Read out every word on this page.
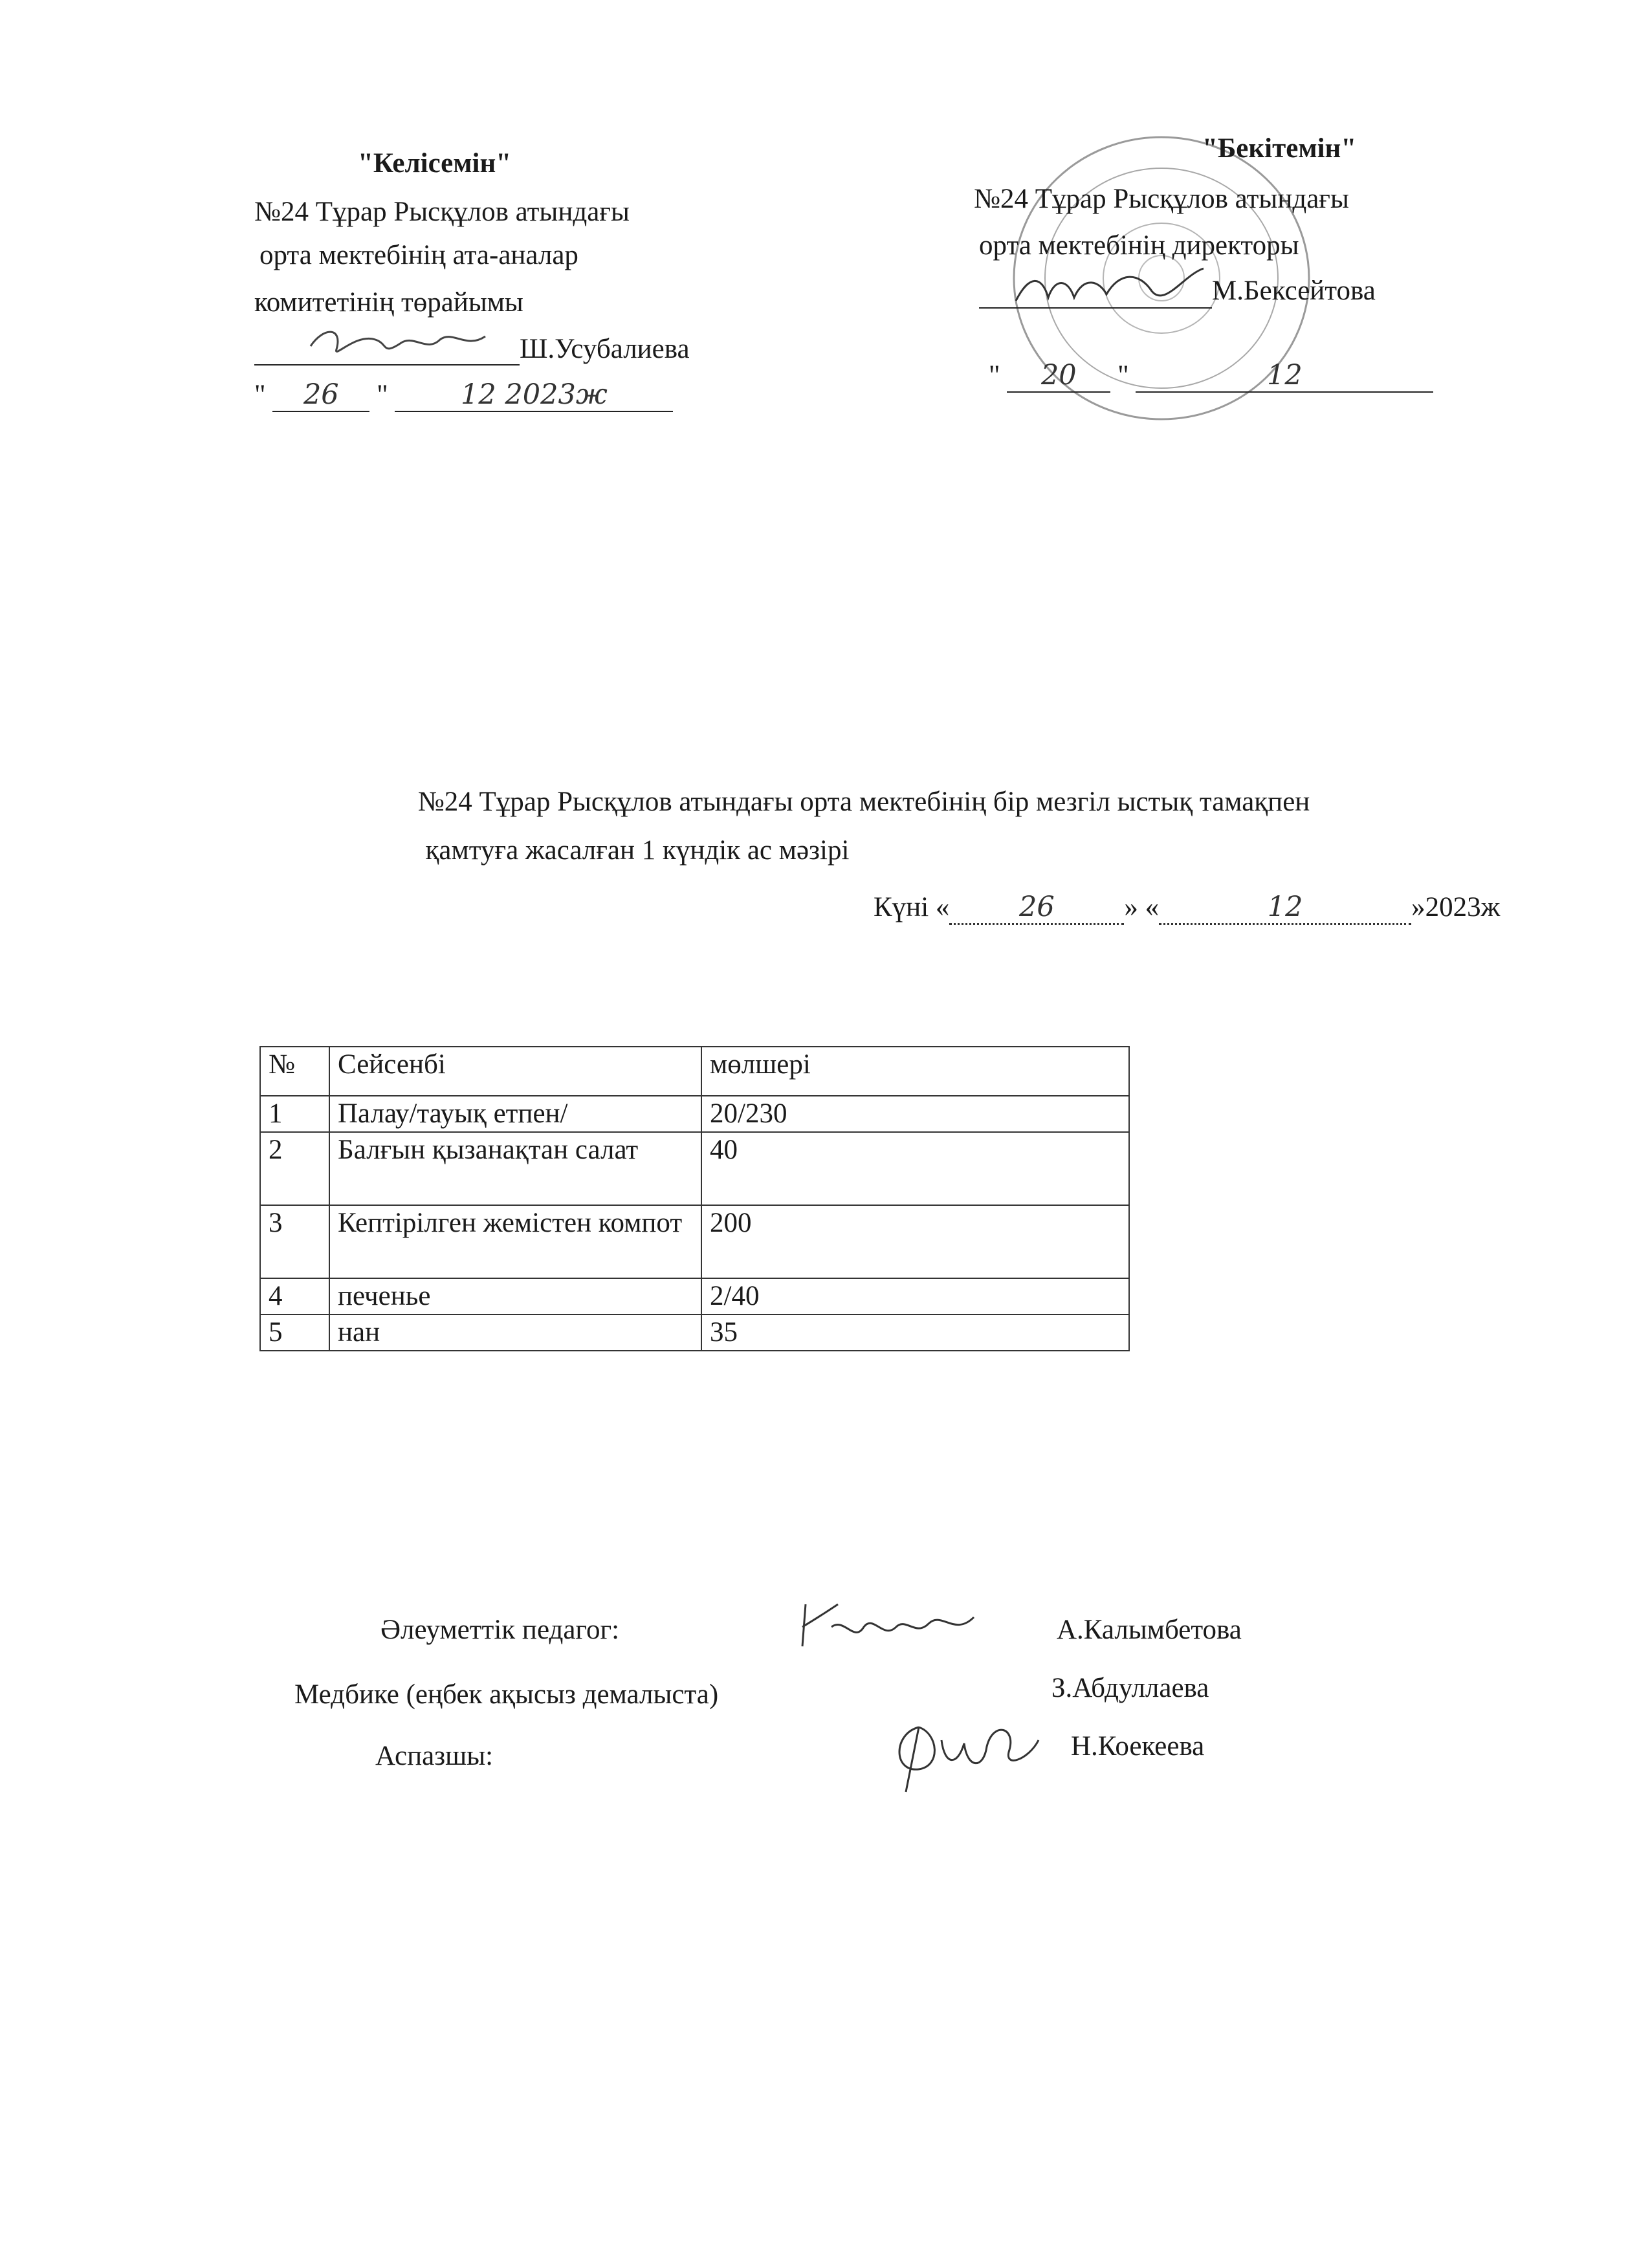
"Келісемін"
№24 Тұрар Рысқұлов атындағы
орта мектебінің ата-аналар
комитетінің төрайымы
Ш.Усубалиева
" 26 "	12 2023ж
"Бекітемін"
№24 Тұрар Рысқұлов атындағы
орта мектебінің директоры
М.Бексейтова
" 20 "	12
№24 Тұрар Рысқұлов атындағы орта мектебінің бір мезгіл ыстық тамақпен
қамтуға жасалған 1 күндік ас мәзірі
Күні «	26	» «	12	»2023ж
№	Сейсенбі	мөлшері
1	Палау/тауық етпен/	20/230
2	Балғын қызанақтан салат	40
3	Кептірілген жемістен компот	200
4	печенье	2/40
5	нан	35
Әлеуметтік педагог:	А.Калымбетова
Медбике (еңбек ақысыз демалыста)	З.Абдуллаева
Аспазшы:	Н.Коекеева
